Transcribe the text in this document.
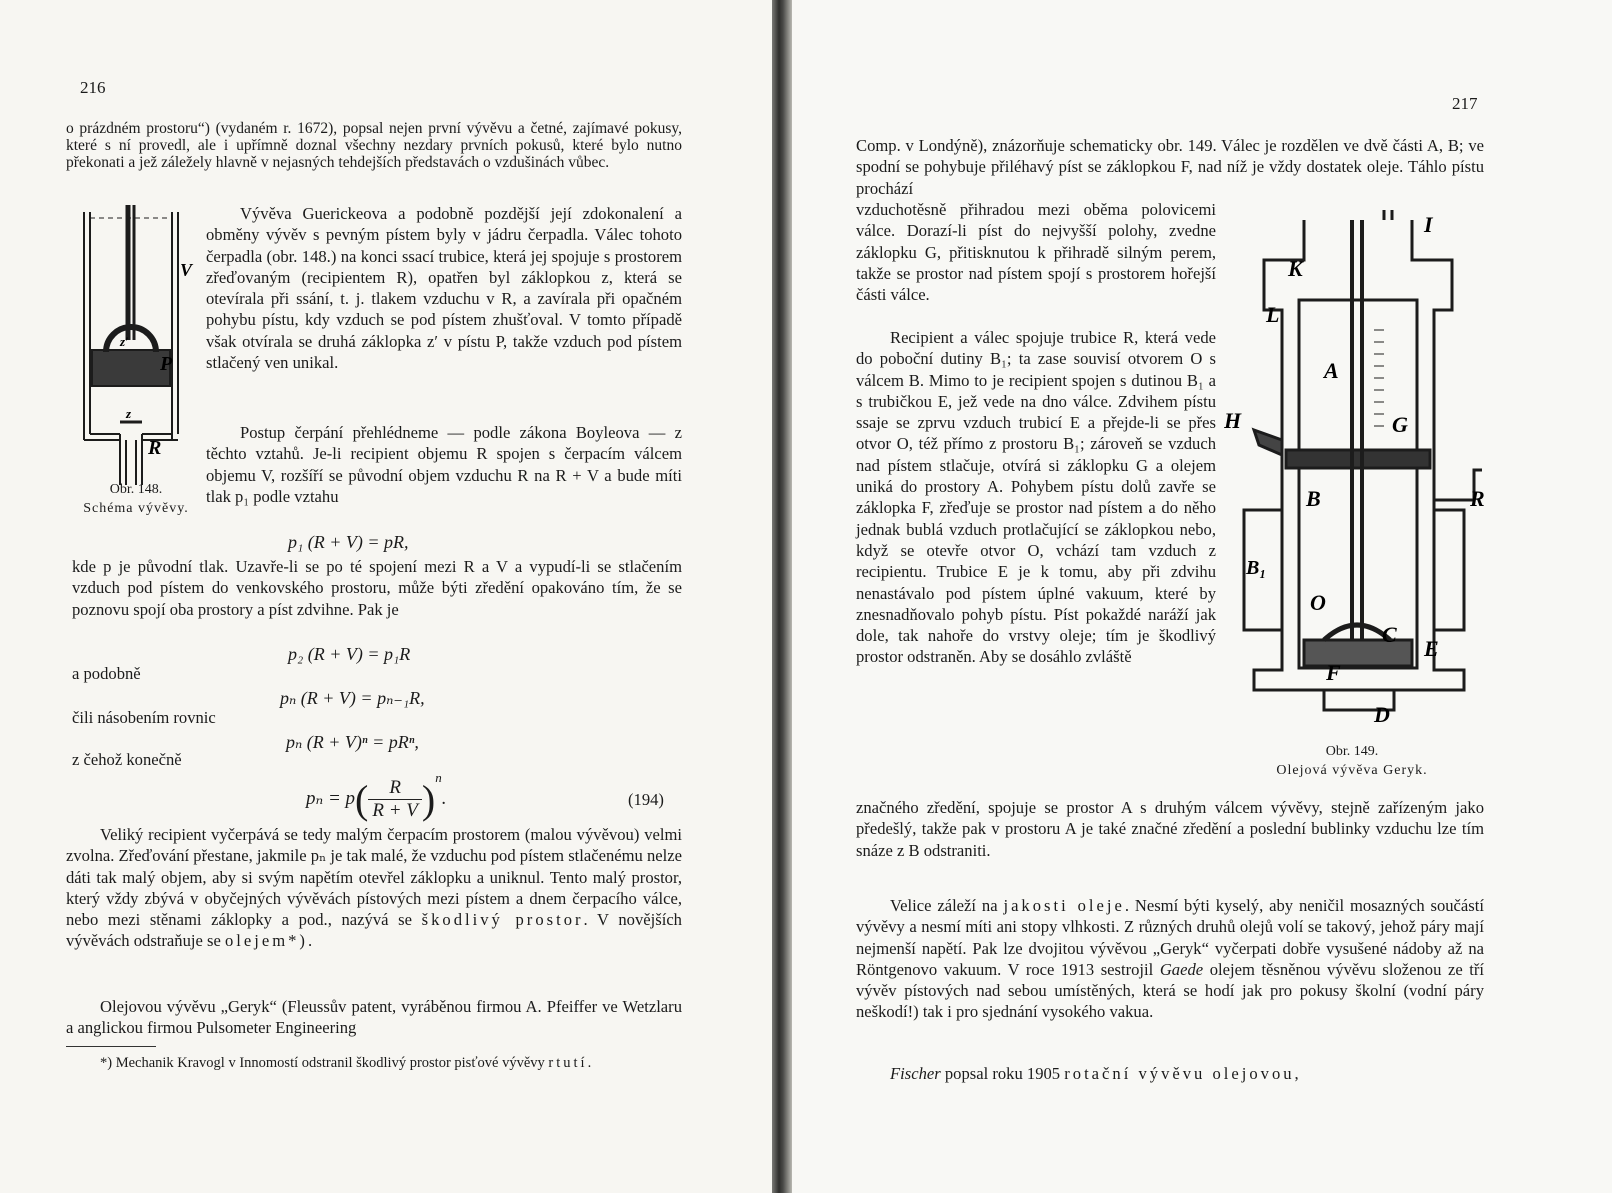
216
o prázdném prostoru“) (vydaném r. 1672), popsal nejen první vývěvu a četné, zajímavé pokusy, které s ní provedl, ale i upřímně doznal všechny nezdary prvních pokusů, které bylo nutno překonati a jež záležely hlavně v nejasných tehdejších představách o vzdušinách vůbec.
V
P
z′
z
R
Obr. 148.
Schéma vývěvy.
Vývěva Guerickeova a podobně pozdější její zdokonalení a obměny vývěv s pevným pístem byly v jádru čerpadla. Válec tohoto čerpadla (obr. 148.) na konci ssací trubice, která jej spojuje s prostorem zřeďovaným (recipientem R), opatřen byl záklopkou z, která se otevírala při ssání, t. j. tlakem vzduchu v R, a zavírala při opačném pohybu pístu, kdy vzduch se pod pístem zhušťoval. V tomto případě však otvírala se druhá záklopka z′ v pístu P, takže vzduch pod pístem stlačený ven unikal.
Postup čerpání přehlédneme — podle zákona Boyleova — z těchto vztahů. Je-li recipient objemu R spojen s čerpacím válcem objemu V, rozšíří se původní objem vzduchu R na R + V a bude míti tlak p₁ podle vztahu
p₁ (R + V) = pR,
kde p je původní tlak. Uzavře-li se po té spojení mezi R a V a vypudí-li se stlačením vzduch pod pístem do venkovského prostoru, může býti zředění opakováno tím, že se poznovu spojí oba prostory a píst zdvihne. Pak je
p₂ (R + V) = p₁R
a podobně
pₙ (R + V) = pₙ₋₁R,
čili násobením rovnic
pₙ (R + V)ⁿ = pRⁿ,
z čehož konečně
$p_n = p( \frac{R}{R + V} )^n$.	(194)
Veliký recipient vyčerpává se tedy malým čerpacím prostorem (malou vývěvou) velmi zvolna. Zřeďování přestane, jakmile pₙ je tak malé, že vzduchu pod pístem stlačenému nelze dáti tak malý objem, aby si svým napětím otevřel záklopku a uniknul. Tento malý prostor, který vždy zbývá v obyčejných vývěvách pístových mezi pístem a dnem čerpacího válce, nebo mezi stěnami záklopky a pod., nazývá se škodlivý prostor. V novějších vývěvách odstraňuje se olejem*).
Olejovou vývěvu „Geryk“ (Fleussův patent, vyráběnou firmou A. Pfeiffer ve Wetzlaru a anglickou firmou Pulsometer Engineering
*) Mechanik Kravogl v Innomostí odstranil škodlivý prostor pisťové vývěvy rtutí.
217
Comp. v Londýně), znázorňuje schematicky obr. 149. Válec je rozdělen ve dvě části A, B; ve spodní se pohybuje přiléhavý píst se záklopkou F, nad níž je vždy dostatek oleje. Táhlo pístu prochází
vzduchotěsně přihradou mezi oběma polovicemi válce. Dorazí-li píst do nejvyšší polohy, zvedne záklopku G, přitisknutou k přihradě silným perem, takže se prostor nad pístem spojí s prostorem hořejší části válce.
Recipient a válec spojuje trubice R, která vede do poboční dutiny B₁; ta zase souvisí otvorem O s válcem B. Mimo to je recipient spojen s dutinou B₁ a s trubičkou E, jež vede na dno válce. Zdvihem pístu ssaje se zprvu vzduch trubicí E a přejde-li se přes otvor O, též přímo z prostoru B₁; zároveň se vzduch nad pístem stlačuje, otvírá si záklopku G a olejem uniká do prostory A. Pohybem pístu dolů zavře se záklopka F, zřeďuje se prostor nad pístem a do něho jednak bublá vzduch protlačující se záklopkou nebo, když se otevře otvor O, vchází tam vzduch z recipientu. Trubice E je k tomu, aby při zdvihu nenastávalo pod pístem úplné vakuum, které by znesnadňovalo pohyb pístu. Píst pokaždé naráží jak dole, tak nahoře do vrstvy oleje; tím je škodlivý prostor odstraněn. Aby se dosáhlo zvláště
K
I
L
A
H	G
B	R
B₁
O
C
E
F
D
Obr. 149.
Olejová vývěva Geryk.
značného zředění, spojuje se prostor A s druhým válcem vývěvy, stejně zařízeným jako předešlý, takže pak v prostoru A je také značné zředění a poslední bublinky vzduchu lze tím snáze z B odstraniti.
Velice záleží na jakosti oleje. Nesmí býti kyselý, aby neničil mosazných součástí vývěvy a nesmí míti ani stopy vlhkosti. Z různých druhů olejů volí se takový, jehož páry mají nejmenší napětí. Pak lze dvojitou vývěvou „Geryk“ vyčerpati dobře vysušené nádoby až na Röntgenovo vakuum. V roce 1913 sestrojil Gaede olejem těsněnou vývěvu složenou ze tří vývěv pístových nad sebou umístěných, která se hodí jak pro pokusy školní (vodní páry neškodí!) tak i pro sjednání vysokého vakua.
Fischer popsal roku 1905 rotační vývěvu olejovou,
